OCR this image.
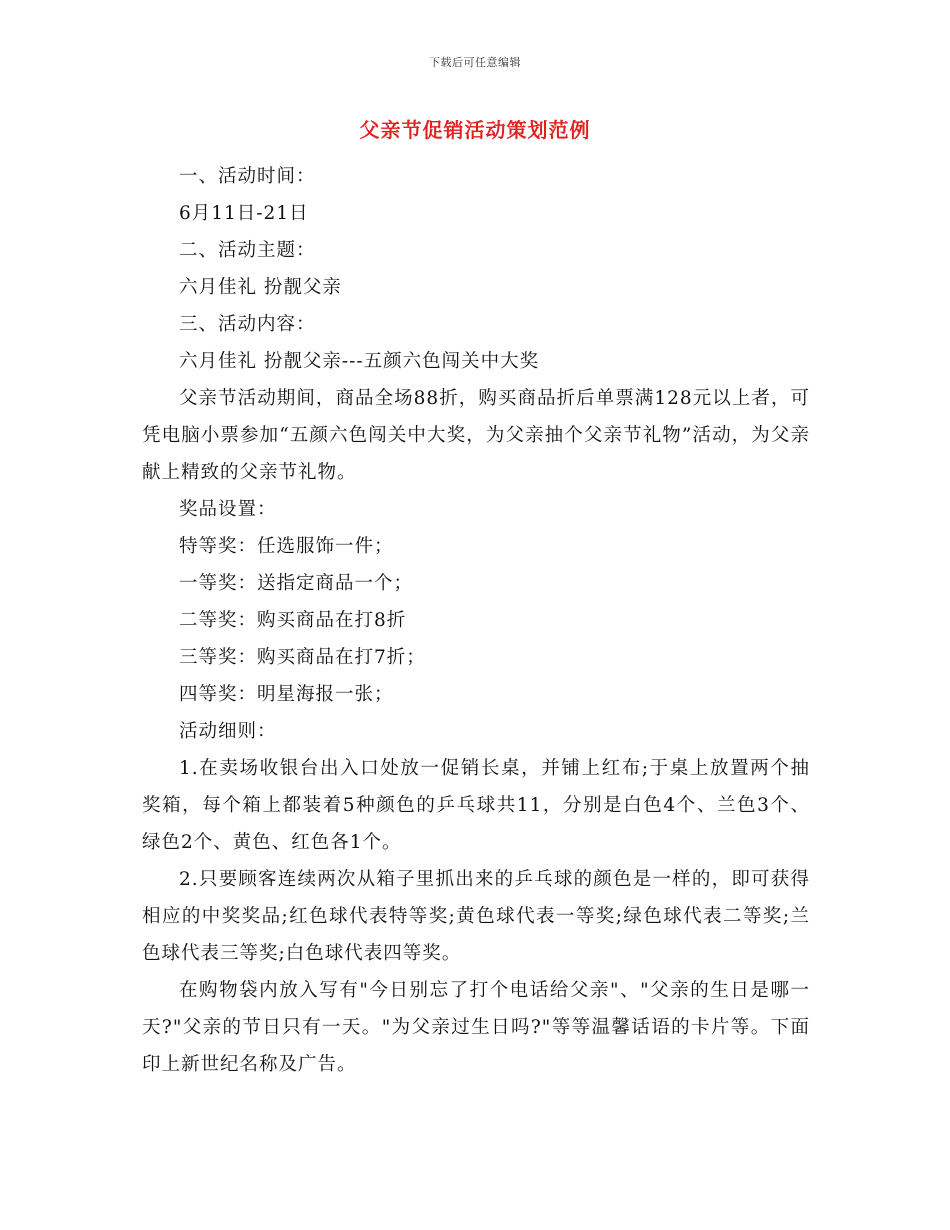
下载后可任意编辑
父亲节促销活动策划范例

一、活动时间：

6月11日-21日

二、活动主题：

六月佳礼 扮靓父亲

三、活动内容：

六月佳礼 扮靓父亲---五颜六色闯关中大奖

父亲节活动期间，商品全场88折，购买商品折后单票满128元以上者，可凭电脑小票参加“五颜六色闯关中大奖，为父亲抽个父亲节礼物”活动，为父亲献上精致的父亲节礼物。

奖品设置：

特等奖：任选服饰一件；

一等奖：送指定商品一个；

二等奖：购买商品在打8折

三等奖：购买商品在打7折；

四等奖：明星海报一张；

活动细则：

1.在卖场收银台出入口处放一促销长桌，并铺上红布;于桌上放置两个抽奖箱，每个箱上都装着5种颜色的乒乓球共11，分别是白色4个、兰色3个、绿色2个、黄色、红色各1个。

2.只要顾客连续两次从箱子里抓出来的乒乓球的颜色是一样的，即可获得相应的中奖奖品;红色球代表特等奖;黄色球代表一等奖;绿色球代表二等奖;兰色球代表三等奖;白色球代表四等奖。

在购物袋内放入写有"今日别忘了打个电话给父亲"、"父亲的生日是哪一天?"父亲的节日只有一天。"为父亲过生日吗?"等等温馨话语的卡片等。下面印上新世纪名称及广告。
